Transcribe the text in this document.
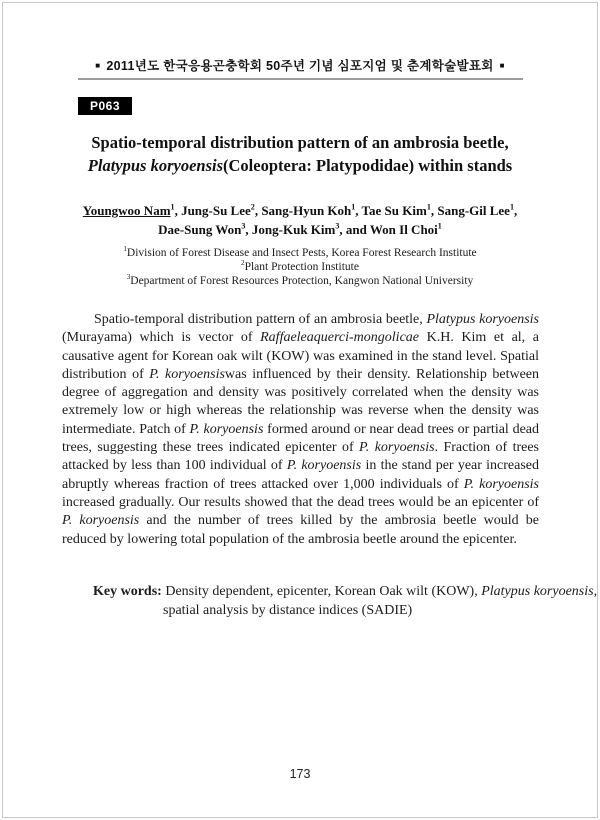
■ 2011년도 한국응용곤충학회 50주년 기념 심포지엄 및 춘계학술발표회 ■
P063
Spatio-temporal distribution pattern of an ambrosia beetle,
Platypus koryoensis(Coleoptera: Platypodidae) within stands
Youngwoo Nam$^1$, Jung-Su Lee$^2$, Sang-Hyun Koh$^1$, Tae Su Kim$^1$, Sang-Gil Lee$^1$,
Dae-Sung Won$^3$, Jong-Kuk Kim$^3$, and Won Il Choi$^1$
$^1$Division of Forest Disease and Insect Pests, Korea Forest Research Institute
$^2$Plant Protection Institute
$^3$Department of Forest Resources Protection, Kangwon National University
Spatio-temporal distribution pattern of an ambrosia beetle, Platypus koryoensis (Murayama) which is vector of Raffaeleaquerci-mongolicae K.H. Kim et al, a causative agent for Korean oak wilt (KOW) was examined in the stand level. Spatial distribution of P. koryoensiswas influenced by their density. Relationship between degree of aggregation and density was positively correlated when the density was extremely low or high whereas the relationship was reverse when the density was intermediate. Patch of P. koryoensis formed around or near dead trees or partial dead trees, suggesting these trees indicated epicenter of P. koryoensis. Fraction of trees attacked by less than 100 individual of P. koryoensis in the stand per year increased abruptly whereas fraction of trees attacked over 1,000 individuals of P. koryoensis increased gradually. Our results showed that the dead trees would be an epicenter of P. koryoensis and the number of trees killed by the ambrosia beetle would be reduced by lowering total population of the ambrosia beetle around the epicenter.
Key words: Density dependent, epicenter, Korean Oak wilt (KOW), Platypus koryoensis, spatial analysis by distance indices (SADIE)
173
